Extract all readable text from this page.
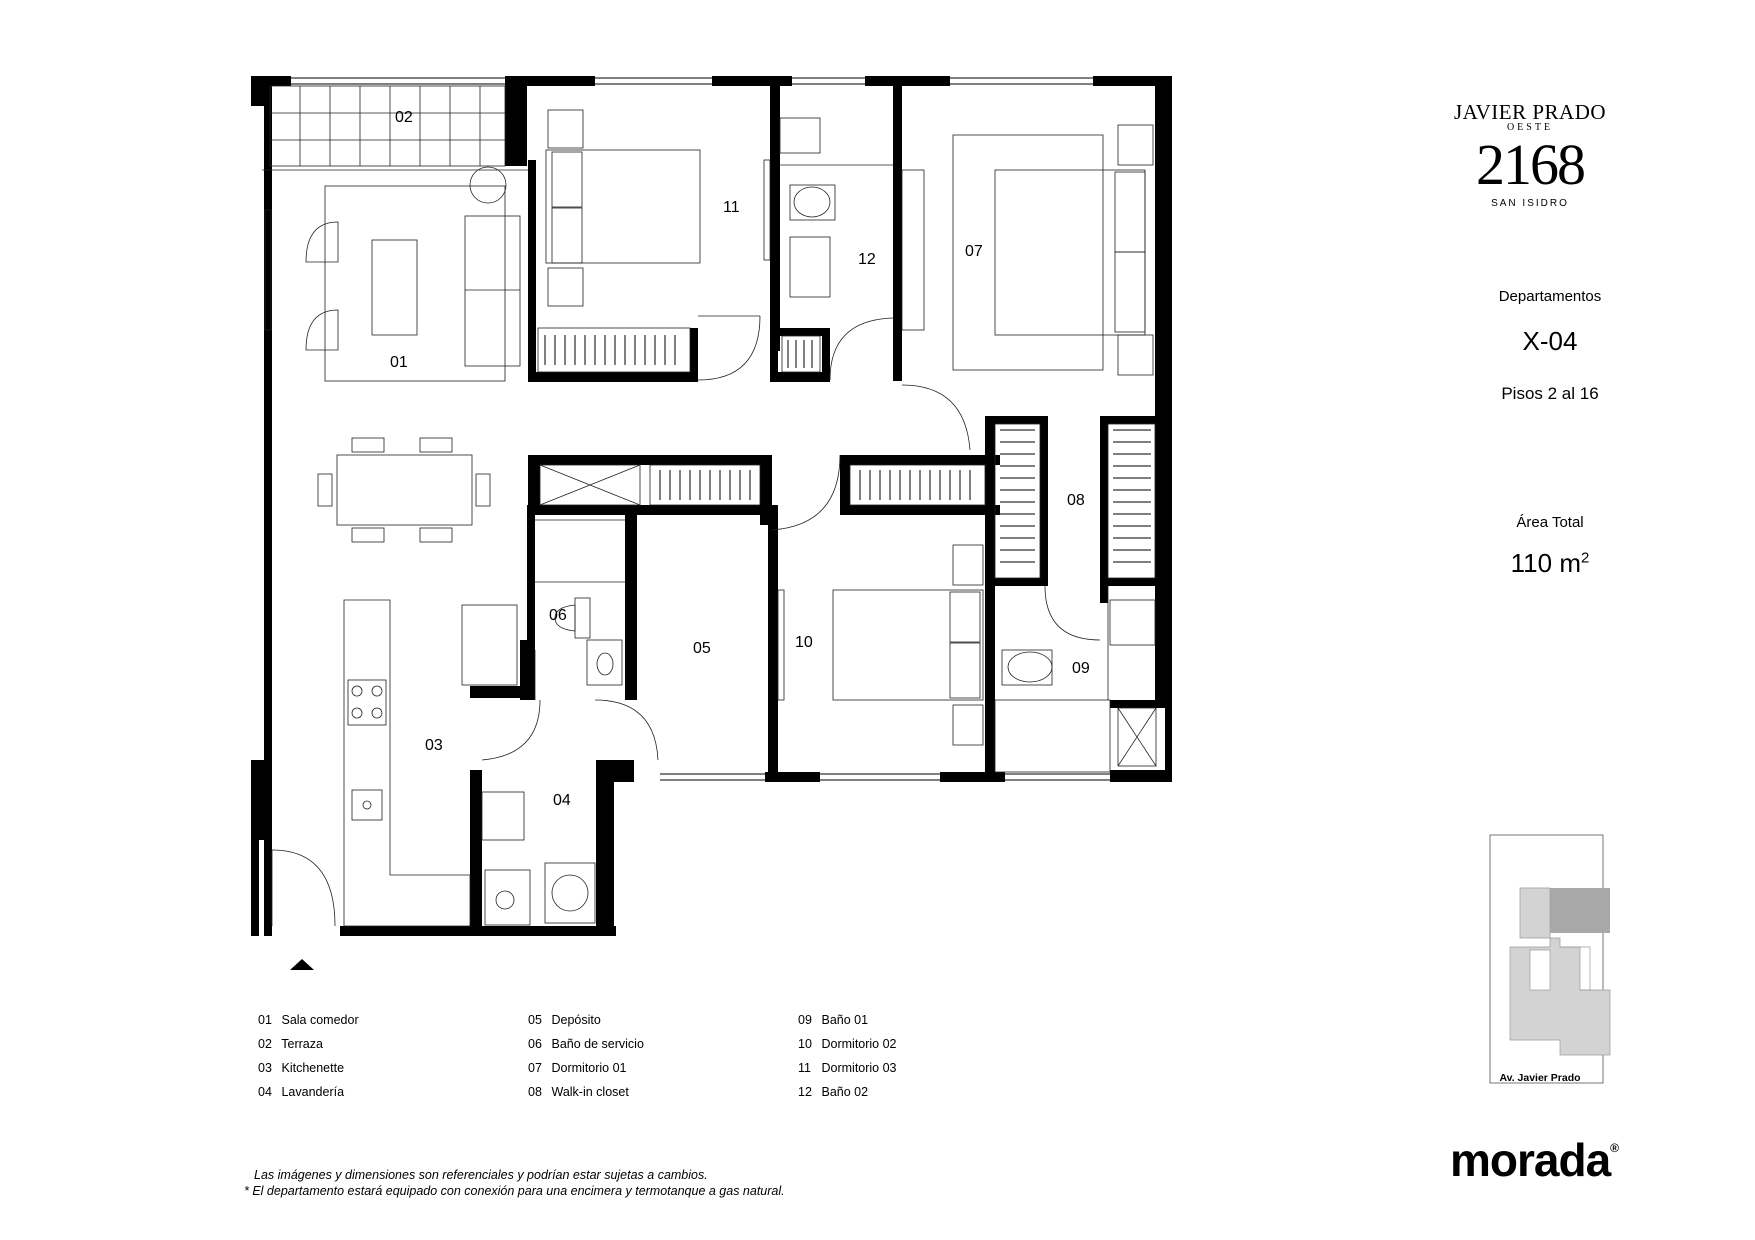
01
02
03
04
05
06
07
08
09
10
11
12
JAVIER PRADO
OESTE
2168
SAN ISIDRO
Departamentos
X-04
Pisos 2 al 16
Área Total
110 $m^2$
01 Sala comedor
02 Terraza
03 Kitchenette
04 Lavandería
05 Depósito
06 Baño de servicio
07 Dormitorio 01
08 Walk-in closet
09 Baño 01
10 Dormitorio 02
11 Dormitorio 03
12 Baño 02
Av. Javier Prado
Las imágenes y dimensiones son referenciales y podrían estar sujetas a cambios.
* El departamento estará equipado con conexión para una encimera y termotanque a gas natural.
morada®
